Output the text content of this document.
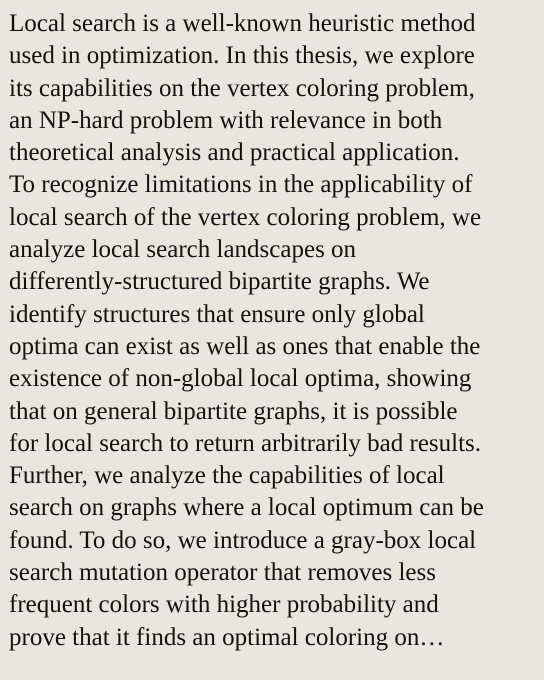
Local search is a well-known heuristic method
used in optimization. In this thesis, we explore
its capabilities on the vertex coloring problem,
an NP-hard problem with relevance in both
theoretical analysis and practical application.
To recognize limitations in the applicability of
local search of the vertex coloring problem, we
analyze local search landscapes on
differently-structured bipartite graphs. We
identify structures that ensure only global
optima can exist as well as ones that enable the
existence of non-global local optima, showing
that on general bipartite graphs, it is possible
for local search to return arbitrarily bad results.
Further, we analyze the capabilities of local
search on graphs where a local optimum can be
found. To do so, we introduce a gray-box local
search mutation operator that removes less
frequent colors with higher probability and
prove that it finds an optimal coloring on…
